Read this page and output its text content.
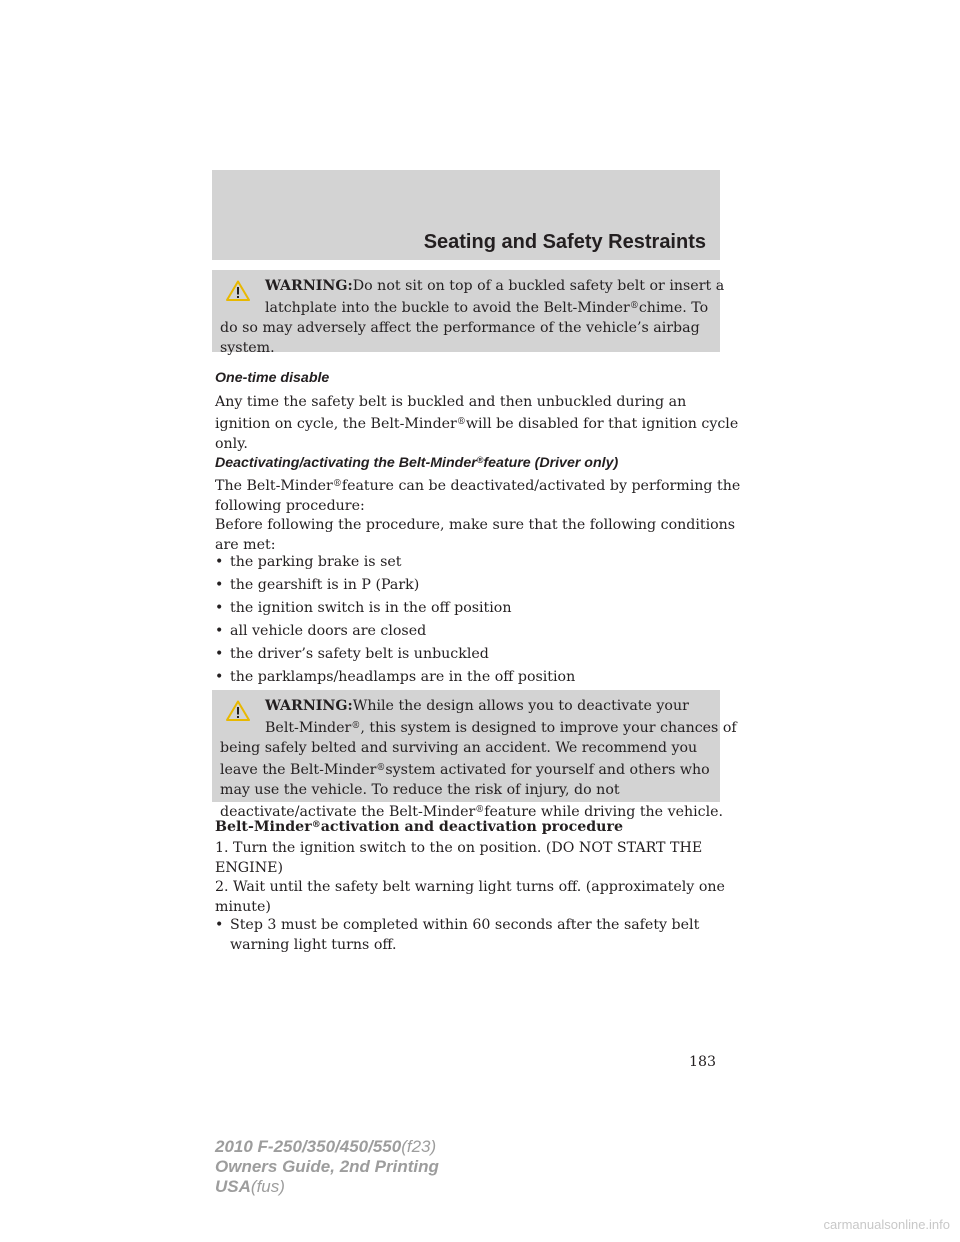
Seating and Safety Restraints
WARNING:Do not sit on top of a buckled safety belt or insert a
latchplate into the buckle to avoid the Belt-Minder®chime. To
do so may adversely affect the performance of the vehicle’s airbag
system.
One-time disable
Any time the safety belt is buckled and then unbuckled during an
ignition on cycle, the Belt-Minder®will be disabled for that ignition cycle
only.
Deactivating/activating the Belt-Minder®feature (Driver only)
The Belt-Minder®feature can be deactivated/activated by performing the
following procedure:
Before following the procedure, make sure that the following conditions
are met:
• the parking brake is set
• the gearshift is in P (Park)
• the ignition switch is in the off position
• all vehicle doors are closed
• the driver’s safety belt is unbuckled
• the parklamps/headlamps are in the off position
WARNING:While the design allows you to deactivate your
Belt-Minder®, this system is designed to improve your chances of
being safely belted and surviving an accident. We recommend you
leave the Belt-Minder®system activated for yourself and others who
may use the vehicle. To reduce the risk of injury, do not
deactivate/activate the Belt-Minder®feature while driving the vehicle.
Belt-Minder®activation and deactivation procedure
1. Turn the ignition switch to the on position. (DO NOT START THE
ENGINE)
2. Wait until the safety belt warning light turns off. (approximately one
minute)
• Step 3 must be completed within 60 seconds after the safety belt
warning light turns off.
183
2010 F-250/350/450/550(f23)
Owners Guide, 2nd Printing
USA(fus)
carmanualsonline.info
